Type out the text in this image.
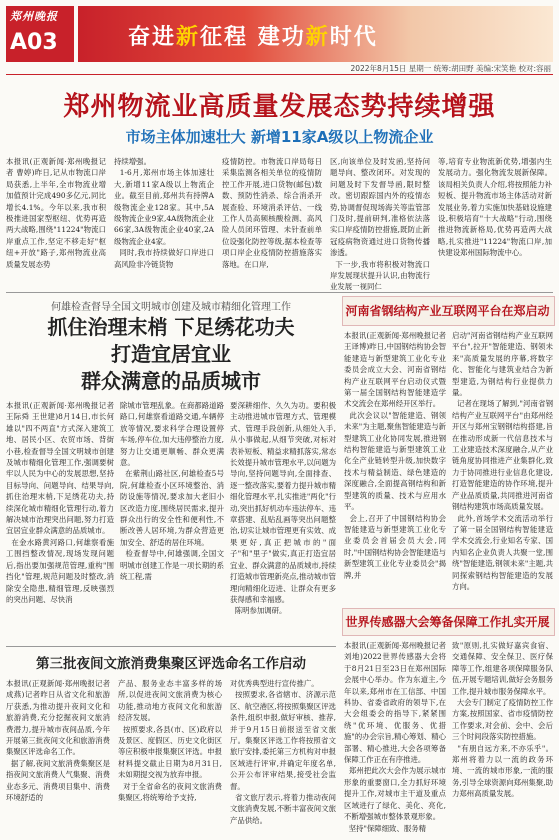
郑州晚报
A03	奋进新征程 建功新时代
2022年8月15日 星期一 统筹:胡田野 美编:宋笑艳 校对:容丽
郑州物流业高质量发展态势持续增强
市场主体加速壮大 新增11家A级以上物流企业
本报讯(正观新闻·郑州晚报记者 曹婷)昨日,记从市物流口岸局获悉,上半年,全市物流业增加值预计完成490多亿元,同比增长4.1%。今年以来,我市积极推进国家型枢纽、优势再造两大战略,围绕"11224"物流口岸重点工作,坚定不移走好"枢纽+开放"路子,郑州物流业高质量发展态势
持续增强。
1-6月,郑州市场主体加速壮大,新增11家A级以上物流企业。截至目前,郑州共有持牌A级物流企业128家。其中,5A级物流企业9家,4A级物流企业66家,3A级物流企业40家,2A级物流企业4家。
同时,我市持续做好口岸进口高风险非冷链货物
疫情防控。市物流口岸局每日采集监测各相关单位的疫情防控工作开展,进口货物(邮包)数数、预防性消杀、综合消杀开展查验、环境消杀评估、一线工作人员高频核酸检测、高风险人员闭环管理、未针查前单位设强化防控等级,据本检查等项口岸企业疫情防控措施落实落地。在口岸,
区,向该单位及时发函,坚持问题导向、整改闭环。对发现的问题及时下发督导函,限时整改。密切跟踪国内外的疫情态势,协调督促现场海关等监管部门及时,提前研判,准格依法落实口岸疫情防控措施,既防止新冠疫病物资通过进口货物传播渗透。
下一步,我市将积极对物流口岸发展现状提升认识,由物流行业发展一视同仁
等,培育专业物流新优势,增强内生发展动力。强化物流发展新保障。该局相关负责人介绍,将按照能力补短板、提升物流市场主体活动对新发展业务,着力实施加快基础设施建设,积极培育"十大战略"行动,围绕推进物流新格局,优势再造两大战略,扎实推进"11224"物流口岸,加快建设郑州国际物流中心。
何雄检查督导全国文明城市创建及城市精细化管理工作
抓住治理末梢 下足绣花功夫
打造宜居宜业
群众满意的品质城市
本报讯(正观新闻·郑州晚报记者 王际舜 王世建)8月14日,市长何雄以"四不两直"方式深入建筑工地、居民小区、农贸市场、背街小巷,检查督导全国文明城市创建及城市精细化管理工作,强调要树牢以人民为中心的发展思想,坚持目标导向、问题导向、结果导向,抓住治理末梢,下足绣花功夫,持续深化城市精细化管理行动,着力解决城市治理突出问题,努力打造宜居宜业群众满意的品质城市。
在金水路黄河路口,何雄察看施工围挡整改情况,现场发现问题后,指出要加强规范管理,重构"围挡化"管理,规范问题及时整改,消除安全隐患,精细管理,反映强烈的突出问题、尽快消
除城市管理乱象。在商都路道路路口,何雄察看道路交通,车辆停放等情况,要求科学合理设置停车场,停车位,加大违停整治力度,努力让交通更顺畅、群众更满意。
在紫荆山路社区,何雄检查5号院,何雄检查小区环境整治、消防设施等情况,要求加大老旧小区改造力度,围绕居民需求,提升群众出行的安全性和便利性,不断改善人居环境,为群众营造更加安全、舒适的居住环境。
检查督导中,何雄强调,全国文明城市创建工作是一项长期的系统工程,需
要深耕细作、久久为功。要积极主动推进城市管理方式、管理模式、管理手段创新,从细处入手,从小事做起,从细节突破,对标对表补短板、精益求精抓落实,常态长效提升城市管理水平,以问题为导向,坚持问题导向,全面排查、逐一整改落实,要着力提升城市精细化管理水平,扎实推进"两化"行动,突出抓好机动车违法停车、违章搭建、乱贴乱画等突出问题整治,切实让城市管理更有实效、成果更好,真正把城市的"面子"和"里子"做实,真正打造宜居宜业、群众满意的品质城市,持续打造城市管理新亮点,推动城市管理向精细化迈进、让群众有更多获得感和幸福感。
陈明参加调研。
河南省钢结构产业互联网平台在郑启动
本报讯(正观新闻·郑州晚报记者 王译博)昨日,中国钢结构协会智能建造与新型建筑工业化专业委员会成立大会、河南省钢结构产业互联网平台启动仪式暨第一届全国钢结构智能建造学术交流会在郑州经开区举行。
此次会议以"智能建造、钢领未来"为主题,聚焦智能建造与新型建筑工业化协同发展,推进钢结构智能建造与新型建筑工业化全产业链转型升级,加快数字技术与精益制造、绿色建造的深度融合,全面提高钢结构和新型建筑的质量、技术与应用水平。
会上,召开了中国钢结构协会智能建造与新型建筑工业化专业委员会首届会员大会,同时,"中国钢结构协会智能建造与新型建筑工业化专业委员会"揭牌,并
启动"河南省钢结构产业互联网平台",拉开"智能建造、钢领未来"高质量发展的序幕,将数字化、智能化与建筑业结合为新型建造,为钢结构行业提供力量。
记者在现场了解到,"河南省钢结构产业互联网平台"由郑州经开区与郑州宝钢钢结构搭建,旨在推动形成新一代信息技术与工业建造技术深度融合,从产业链角度协同推进产业集群化,致力于协同推进行业信息化建设,打造智能建造的协作环境,提升产业品质质量,共同推进河南省钢结构建筑市场高质量发展。
此外,首场学术交流活动举行了第一届全国钢结构智能建造学术交流会,行业知名专家、国内知名企业负责人共聚一堂,围绕"智能建造,钢领未来"主题,共同探索钢结构智能建造的发展方向。
世界传感器大会筹备保障工作扎实开展
本报讯(正观新闻·郑州晚报记者 刘地)2022世界传感器大会将于8月21日至23日在郑州国际会展中心举办。作为东道主,今年以来,郑州市在工信部、中国科协、省委省政府的领导下,在大会组委会的指导下,紧紧围绕"优环境、优服务、优措施"的办会宗旨,精心筹划、精心部署、精心推进,大会各项筹备保障工作正在有序推进。
郑州把此次大会作为展示城市形象的重要窗口,全力抓好环境提升工作,对城市主干道及重点区域进行了绿化、美化、亮化,不断增强城市整体景观形象。
坚持"保障细致、服务精
致"原则,扎实做好嘉宾食宿、交通保障、安全保卫、医疗保障等工作,组建各项保障服务队伍,开展专题培训,做好会务服务工作,提升城市服务保障水平。
大会专门制定了疫情防控工作方案,按照国家、省市疫情防控工作要求,对会前、会中、会后三个时间段落实防控措施。
"有朋自远方来,不亦乐乎"。郑州将着力以一流的政务环境、一流的城市形象,一流的服务,引导全球资源向郑州集聚,助力郑州高质量发展。
第三批夜间文旅消费集聚区评选命名工作启动
本报讯(正观新闻·郑州晚报记者 成燕)记者昨日从省文化和旅游厅获悉,为推动提升夜间文化和旅游消费,充分挖掘夜间文旅消费潜力,提升城市夜间品质,今年开展第三批夜间文化和旅游消费集聚区评选命名工作。
据了解,夜间文旅消费集聚区是指夜间文旅消费人气集聚、消费业态多元、消费项目集中、消费环境舒适的
产品、服务业态丰富多样的场所,以促进夜间文旅消费为核心功能,推动地方夜间文化和旅游经济发展。
按照要求,各县(市、区)政府以及景区、度假区、历史文化街区等应积极申报集聚区评选。申报材料提交截止日期为8月31日,未如期提交视为放弃申报。
对于全省命名的夜间文旅消费集聚区,将统筹给予支持,
对优秀典型进行宣传推广。
按照要求,各省辖市、济源示范区、航空港区,将按照集聚区评选条件,组织申报,做好审核、推荐,并于9月15日前报送至省文旅厅。集聚区评选工作将按照省文旅厅安排,委托第三方机构对申报区域进行评审,并确定年度名单,公开公布评审结果,接受社会监督。
省文旅厅表示,将着力推动夜间文旅消费发展,不断丰富夜间文旅产品供给。
